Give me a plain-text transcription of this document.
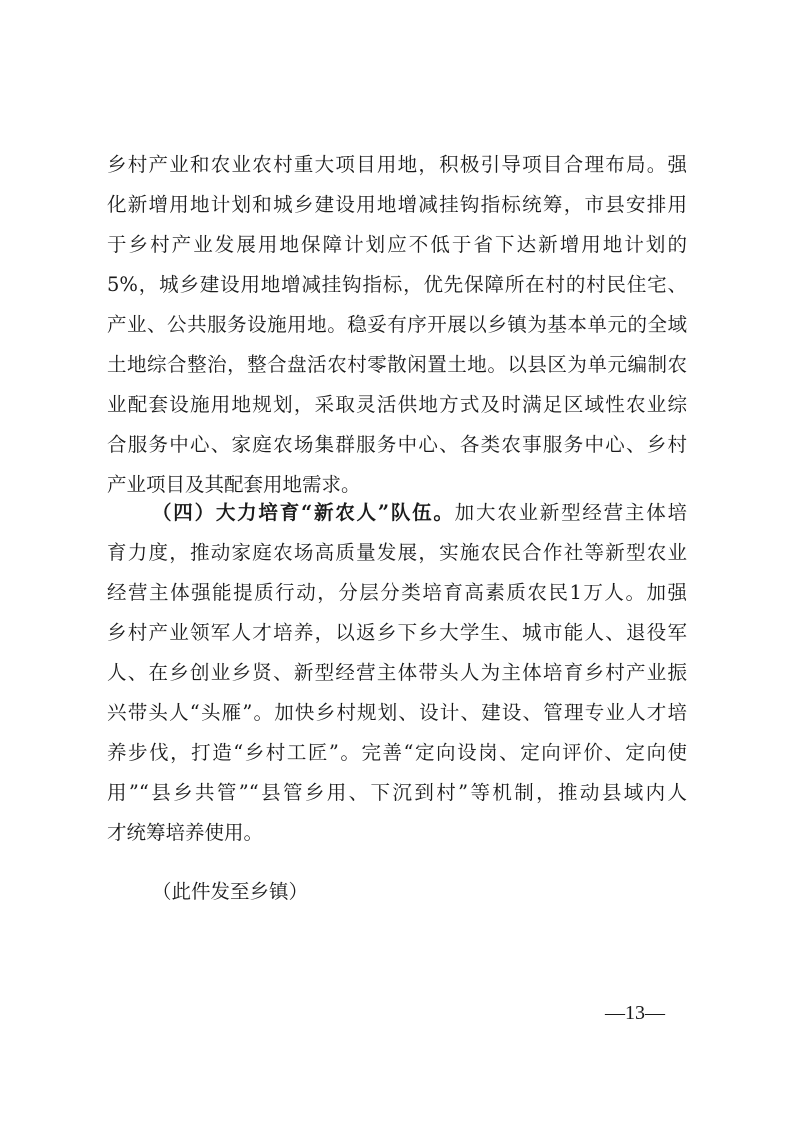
乡村产业和农业农村重大项目用地，积极引导项目合理布局。强
化新增用地计划和城乡建设用地增减挂钩指标统筹，市县安排用
于乡村产业发展用地保障计划应不低于省下达新增用地计划的
5%，城乡建设用地增减挂钩指标，优先保障所在村的村民住宅、
产业、公共服务设施用地。稳妥有序开展以乡镇为基本单元的全域
土地综合整治，整合盘活农村零散闲置土地。以县区为单元编制农
业配套设施用地规划，采取灵活供地方式及时满足区域性农业综
合服务中心、家庭农场集群服务中心、各类农事服务中心、乡村
产业项目及其配套用地需求。
（四）大力培育“新农人”队伍。加大农业新型经营主体培
育力度，推动家庭农场高质量发展，实施农民合作社等新型农业
经营主体强能提质行动，分层分类培育高素质农民1万人。加强
乡村产业领军人才培养，以返乡下乡大学生、城市能人、退役军
人、在乡创业乡贤、新型经营主体带头人为主体培育乡村产业振
兴带头人“头雁”。加快乡村规划、设计、建设、管理专业人才培
养步伐，打造“乡村工匠”。完善“定向设岗、定向评价、定向使
用”“县乡共管”“县管乡用、下沉到村”等机制，推动县域内人
才统筹培养使用。
（此件发至乡镇）
—13—
